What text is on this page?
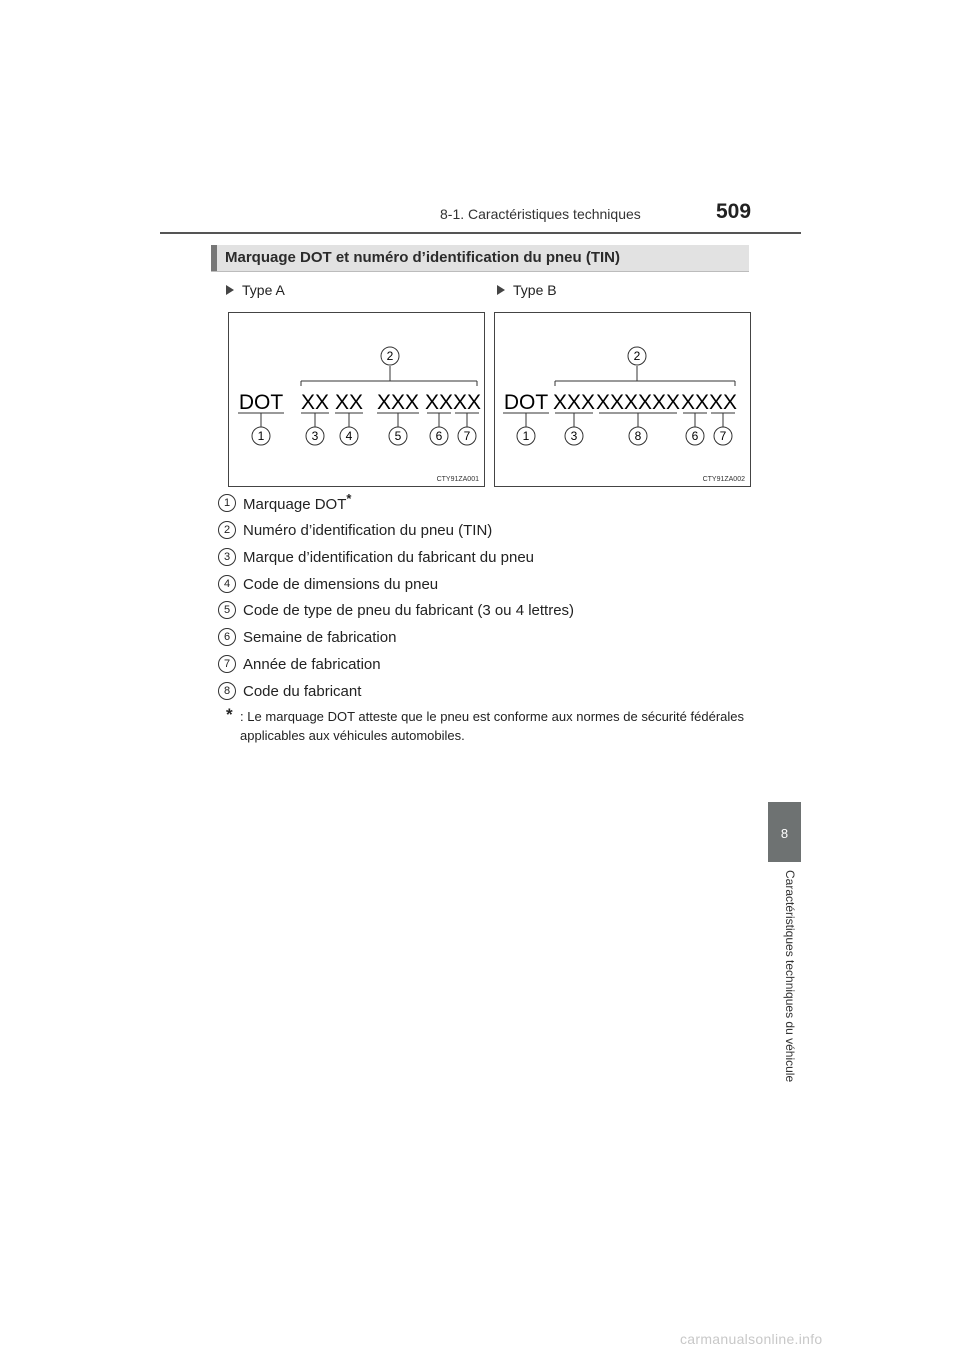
8-1. Caractéristiques techniques	509
8
Caractéristiques techniques du véhicule
Marquage DOT et numéro d’identification du pneu (TIN)
Type A	Type B
2
DOT XX XX XXX XXXX
1	3 4	5	6 7
CTY91ZA001
2
DOT XXX XXXXXX XXXX
1	3	8	6 7
CTY91ZA002
1 Marquage DOT*
2 Numéro d’identification du pneu (TIN)
3 Marque d’identification du fabricant du pneu
4 Code de dimensions du pneu
5 Code de type de pneu du fabricant (3 ou 4 lettres)
6 Semaine de fabrication
7 Année de fabrication
8 Code du fabricant
* : Le marquage DOT atteste que le pneu est conforme aux normes de sécurité fédérales applicables aux véhicules automobiles.
carmanualsonline.info
